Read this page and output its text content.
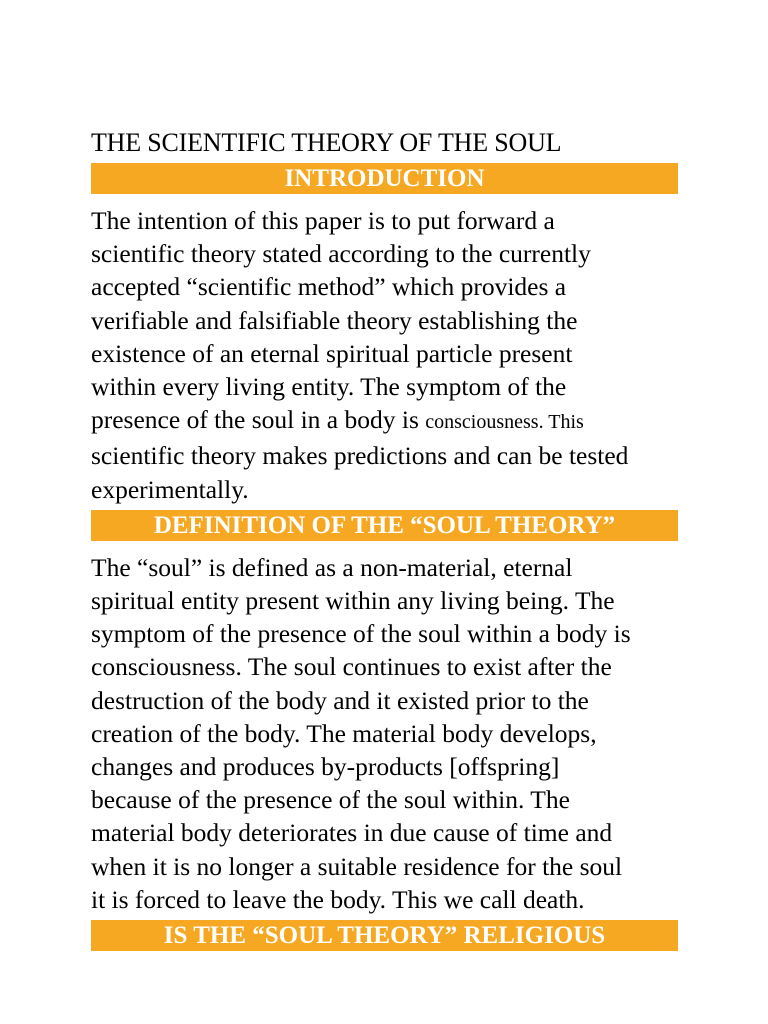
THE SCIENTIFIC THEORY OF THE SOUL
INTRODUCTION
The intention of this paper is to put forward a
scientific theory stated according to the currently
accepted “scientific method” which provides a
verifiable and falsifiable theory establishing the
existence of an eternal spiritual particle present
within every living entity. The symptom of the
presence of the soul in a body is consciousness. This
scientific theory makes predictions and can be tested
experimentally.
DEFINITION OF THE “SOUL THEORY”
The “soul” is defined as a non-material, eternal
spiritual entity present within any living being. The
symptom of the presence of the soul within a body is
consciousness. The soul continues to exist after the
destruction of the body and it existed prior to the
creation of the body. The material body develops,
changes and produces by-products [offspring]
because of the presence of the soul within. The
material body deteriorates in due cause of time and
when it is no longer a suitable residence for the soul
it is forced to leave the body. This we call death.
IS THE “SOUL THEORY” RELIGIOUS
